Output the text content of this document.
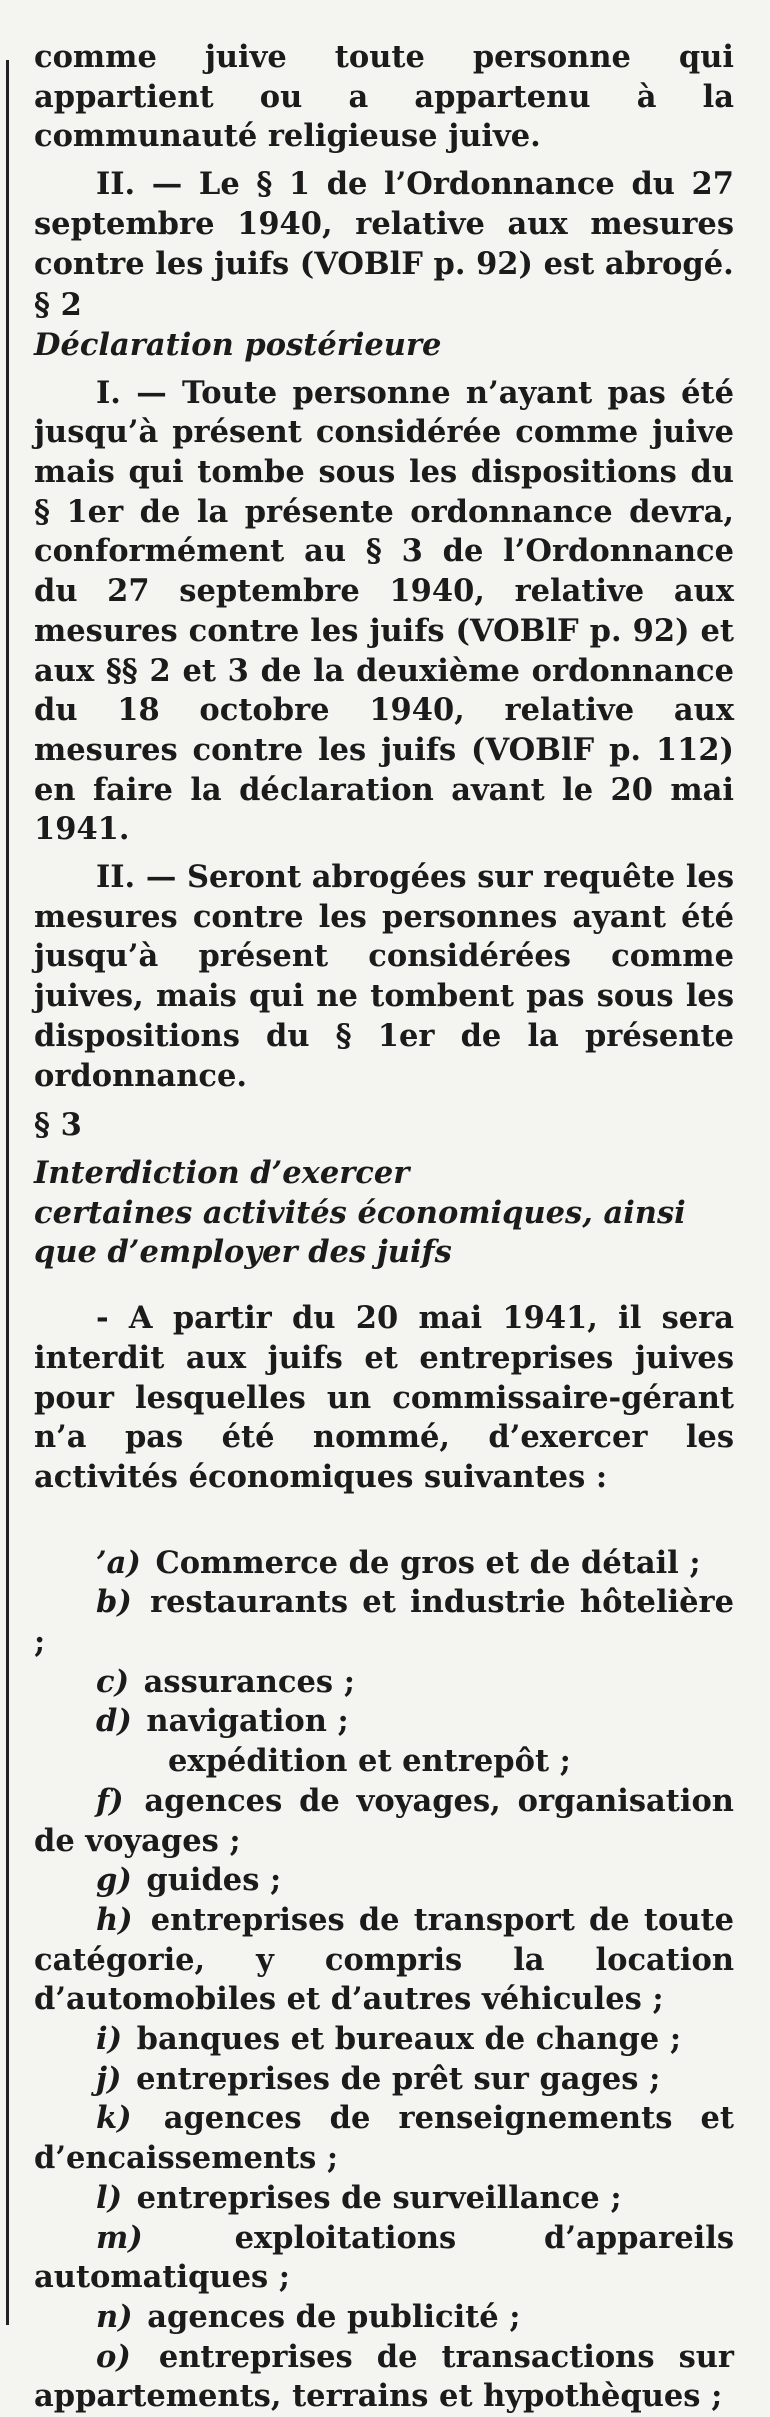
comme juive toute personne qui appartient ou a appartenu à la communauté religieuse juive.

II. — Le § 1 de l’Ordonnance du 27 septembre 1940, relative aux mesures contre les juifs (VOBlF p. 92) est abrogé.

§ 2

Déclaration postérieure

I. — Toute personne n’ayant pas été jusqu’à présent considérée comme juive mais qui tombe sous les dispositions du § 1er de la présente ordonnance devra, conformément au § 3 de l’Ordonnance du 27 septembre 1940, relative aux mesures contre les juifs (VOBlF p. 92) et aux §§ 2 et 3 de la deuxième ordonnance du 18 octobre 1940, relative aux mesures contre les juifs (VOBlF p. 112) en faire la déclaration avant le 20 mai 1941.

II. — Seront abrogées sur requête les mesures contre les personnes ayant été jusqu’à présent considérées comme juives, mais qui ne tombent pas sous les dispositions du § 1er de la présente ordonnance.

§ 3

Interdiction d’exercer

certaines activités économiques, ainsi

que d’employer des juifs

- A partir du 20 mai 1941, il sera interdit aux juifs et entreprises juives pour lesquelles un commissaire-gérant n’a pas été nommé, d’exercer les activités économiques suivantes :

’a) Commerce de gros et de détail ;

b) restaurants et industrie hôtelière ;

c) assurances ;

d) navigation ;

expédition et entrepôt ;

f) agences de voyages, organisation de voyages ;

g) guides ;

h) entreprises de transport de toute catégorie, y compris la location d’automobiles et d’autres véhicules ;

i) banques et bureaux de change ;

j) entreprises de prêt sur gages ;

k) agences de renseignements et d’encaissements ;

l) entreprises de surveillance ;

m)	exploitations d’appareils automatiques ;

n) agences de publicité ;

o) entreprises de transactions sur appartements, terrains et hypothèques ;
